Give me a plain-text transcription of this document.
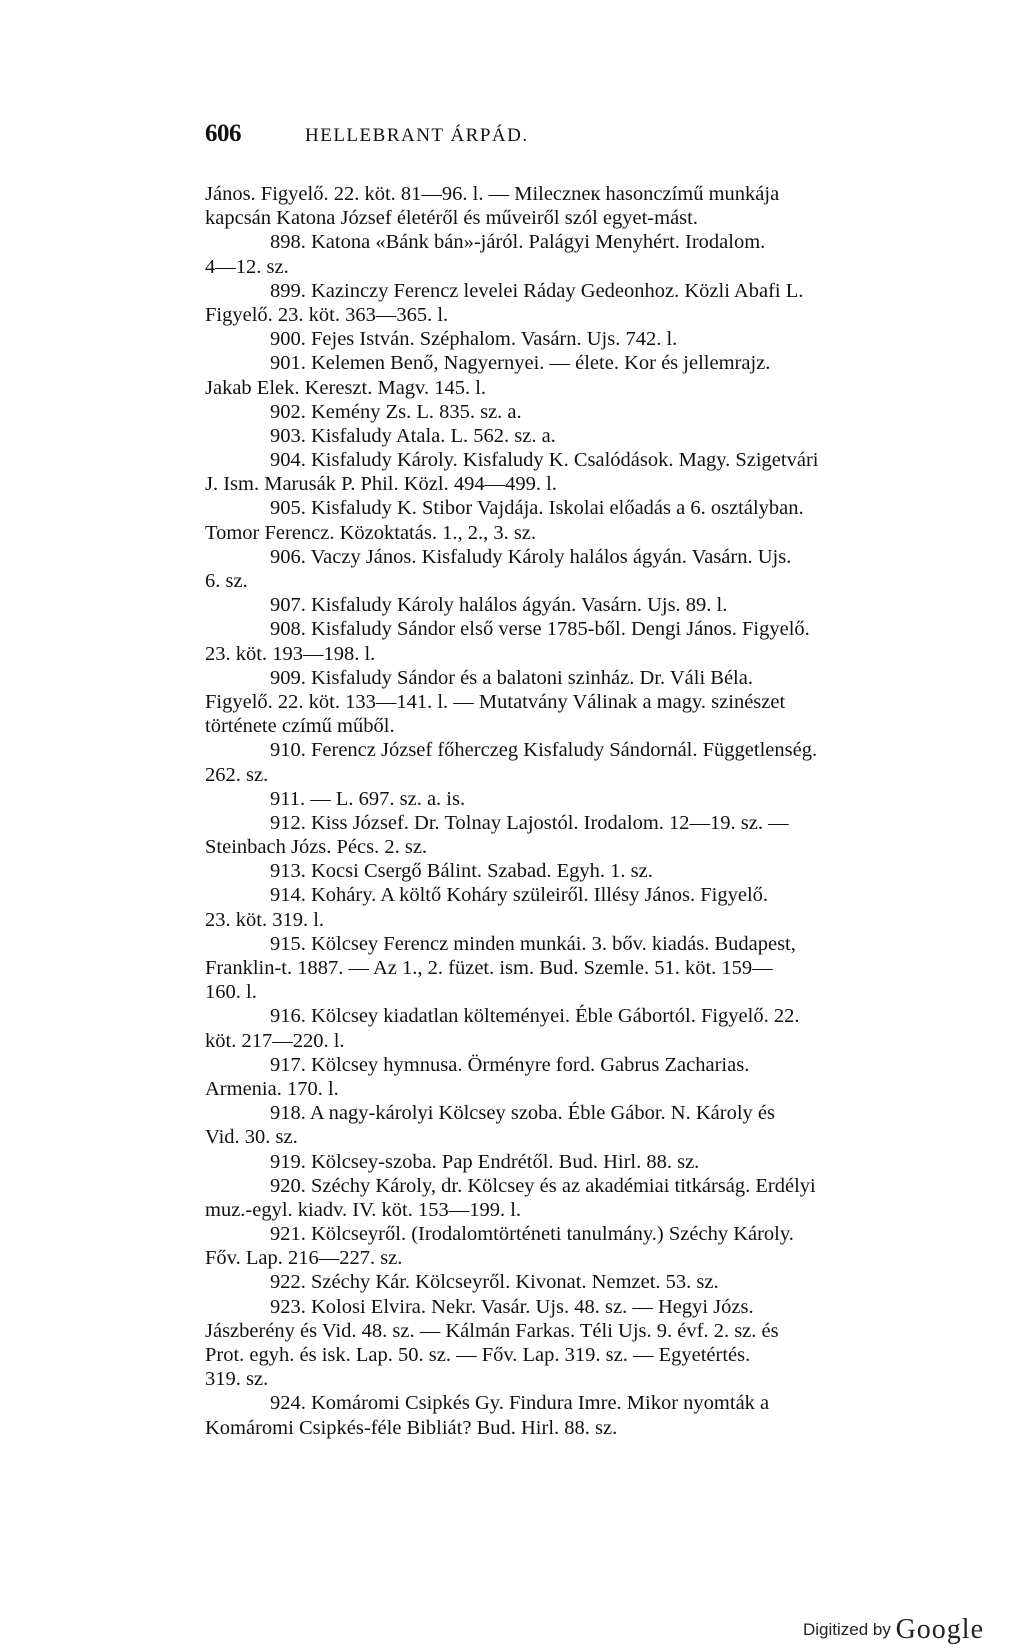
606	HELLEBRANT ÁRPÁD.
János. Figyelő. 22. köt. 81—96. l. — Mileczneк hasonczímű munkája
kapcsán Katona József életéről és műveiről szól egyet-mást.
898. Katona «Bánk bán»-járól. Palágyi Menyhért. Irodalom.
4—12. sz.
899. Kazinczy Ferencz levelei Ráday Gedeonhoz. Közli Abafi L.
Figyelő. 23. köt. 363—365. l.
900. Fejes István. Széphalom. Vasárn. Ujs. 742. l.
901. Kelemen Benő, Nagyernyei. — élete. Kor és jellemrajz.
Jakab Elek. Kereszt. Magv. 145. l.
902. Kemény Zs. L. 835. sz. a.
903. Kisfaludy Atala. L. 562. sz. a.
904. Kisfaludy Károly. Kisfaludy K. Csalódások. Magy. Szigetvári
J. Ism. Marusák P. Phil. Közl. 494—499. l.
905. Kisfaludy K. Stibor Vajdája. Iskolai előadás a 6. osztályban.
Tomor Ferencz. Közoktatás. 1., 2., 3. sz.
906. Vaczy János. Kisfaludy Károly halálos ágyán. Vasárn. Ujs.
6. sz.
907. Kisfaludy Károly halálos ágyán. Vasárn. Ujs. 89. l.
908. Kisfaludy Sándor első verse 1785-ből. Dengi János. Figyelő.
23. köt. 193—198. l.
909. Kisfaludy Sándor és a balatoni szinház. Dr. Váli Béla.
Figyelő. 22. köt. 133—141. l. — Mutatvány Válinak a magy. szinészet
története czímű műből.
910. Ferencz József főherczeg Kisfaludy Sándornál. Függetlenség.
262. sz.
911. — L. 697. sz. a. is.
912. Kiss József. Dr. Tolnay Lajostól. Irodalom. 12—19. sz. —
Steinbach Józs. Pécs. 2. sz.
913. Kocsi Csergő Bálint. Szabad. Egyh. 1. sz.
914. Koháry. A költő Koháry szüleiről. Illésy János. Figyelő.
23. köt. 319. l.
915. Kölcsey Ferencz minden munkái. 3. bőv. kiadás. Budapest,
Franklin-t. 1887. — Az 1., 2. füzet. ism. Bud. Szemle. 51. köt. 159—
160. l.
916. Kölcsey kiadatlan költeményei. Éble Gábortól. Figyelő. 22.
köt. 217—220. l.
917. Kölcsey hymnusa. Örményre ford. Gabrus Zacharias.
Armenia. 170. l.
918. A nagy-károlyi Kölcsey szoba. Éble Gábor. N. Károly és
Vid. 30. sz.
919. Kölcsey-szoba. Pap Endrétől. Bud. Hirl. 88. sz.
920. Széchy Károly, dr. Kölcsey és az akadémiai titkárság. Erdélyi
muz.-egyl. kiadv. IV. köt. 153—199. l.
921. Kölcseyről. (Irodalomtörténeti tanulmány.) Széchy Károly.
Főv. Lap. 216—227. sz.
922. Széchy Kár. Kölcseyről. Kivonat. Nemzet. 53. sz.
923. Kolosi Elvira. Nekr. Vasár. Ujs. 48. sz. — Hegyi Józs.
Jászberény és Vid. 48. sz. — Kálmán Farkas. Téli Ujs. 9. évf. 2. sz. és
Prot. egyh. és isk. Lap. 50. sz. — Főv. Lap. 319. sz. — Egyetértés.
319. sz.
924. Komáromi Csipkés Gy. Findura Imre. Mikor nyomták a
Komáromi Csipkés-féle Bibliát? Bud. Hirl. 88. sz.
Digitized by Google
